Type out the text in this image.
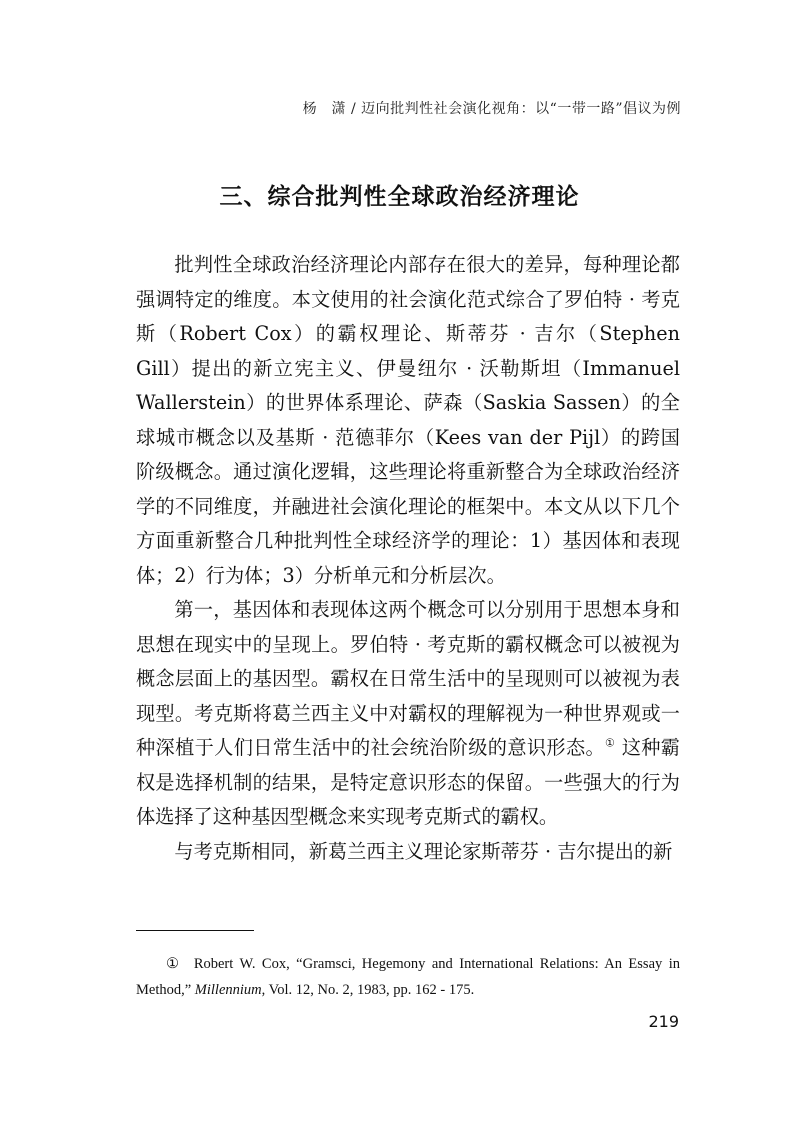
杨　潇 / 迈向批判性社会演化视角：以“一带一路”倡议为例
三、综合批判性全球政治经济理论

批判性全球政治经济理论内部存在很大的差异，每种理论都强调特定的维度。本文使用的社会演化范式综合了罗伯特 · 考克斯（Robert Cox）的霸权理论、斯蒂芬 · 吉尔（Stephen Gill）提出的新立宪主义、伊曼纽尔 · 沃勒斯坦（Immanuel Wallerstein）的世界体系理论、萨森（Saskia Sassen）的全球城市概念以及基斯 · 范德菲尔（Kees van der Pijl）的跨国阶级概念。通过演化逻辑，这些理论将重新整合为全球政治经济学的不同维度，并融进社会演化理论的框架中。本文从以下几个方面重新整合几种批判性全球经济学的理论：1）基因体和表现体；2）行为体；3）分析单元和分析层次。

第一，基因体和表现体这两个概念可以分别用于思想本身和思想在现实中的呈现上。罗伯特 · 考克斯的霸权概念可以被视为概念层面上的基因型。霸权在日常生活中的呈现则可以被视为表现型。考克斯将葛兰西主义中对霸权的理解视为一种世界观或一种深植于人们日常生活中的社会统治阶级的意识形态。① 这种霸权是选择机制的结果，是特定意识形态的保留。一些强大的行为体选择了这种基因型概念来实现考克斯式的霸权。

与考克斯相同，新葛兰西主义理论家斯蒂芬 · 吉尔提出的新

① Robert W. Cox, “Gramsci, Hegemony and International Relations: An Essay in Method,” Millennium, Vol. 12, No. 2, 1983, pp. 162 - 175.
219
